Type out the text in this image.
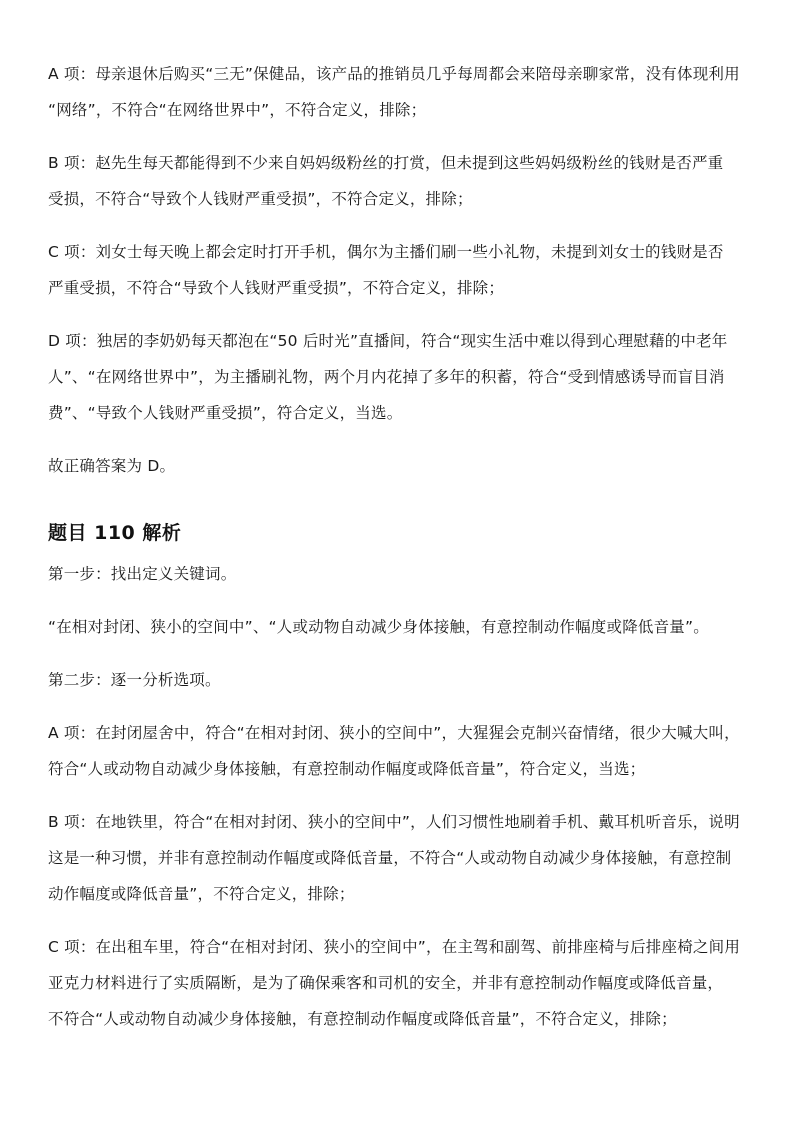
A 项：母亲退休后购买“三无”保健品，该产品的推销员几乎每周都会来陪母亲聊家常，没有体现利用
“网络”，不符合“在网络世界中”，不符合定义，排除；

B 项：赵先生每天都能得到不少来自妈妈级粉丝的打赏，但未提到这些妈妈级粉丝的钱财是否严重
受损，不符合“导致个人钱财严重受损”，不符合定义，排除；

C 项：刘女士每天晚上都会定时打开手机，偶尔为主播们刷一些小礼物，未提到刘女士的钱财是否
严重受损，不符合“导致个人钱财严重受损”，不符合定义，排除；

D 项：独居的李奶奶每天都泡在“50 后时光”直播间，符合“现实生活中难以得到心理慰藉的中老年
人”、“在网络世界中”，为主播刷礼物，两个月内花掉了多年的积蓄，符合“受到情感诱导而盲目消
费”、“导致个人钱财严重受损”，符合定义，当选。

故正确答案为 D。

题目 110 解析

第一步：找出定义关键词。

“在相对封闭、狭小的空间中”、“人或动物自动减少身体接触，有意控制动作幅度或降低音量”。

第二步：逐一分析选项。

A 项：在封闭屋舍中，符合“在相对封闭、狭小的空间中”，大猩猩会克制兴奋情绪，很少大喊大叫，
符合“人或动物自动减少身体接触，有意控制动作幅度或降低音量”，符合定义，当选；

B 项：在地铁里，符合“在相对封闭、狭小的空间中”，人们习惯性地刷着手机、戴耳机听音乐，说明
这是一种习惯，并非有意控制动作幅度或降低音量，不符合“人或动物自动减少身体接触，有意控制
动作幅度或降低音量”，不符合定义，排除；

C 项：在出租车里，符合“在相对封闭、狭小的空间中”，在主驾和副驾、前排座椅与后排座椅之间用
亚克力材料进行了实质隔断，是为了确保乘客和司机的安全，并非有意控制动作幅度或降低音量，
不符合“人或动物自动减少身体接触，有意控制动作幅度或降低音量”，不符合定义，排除；
